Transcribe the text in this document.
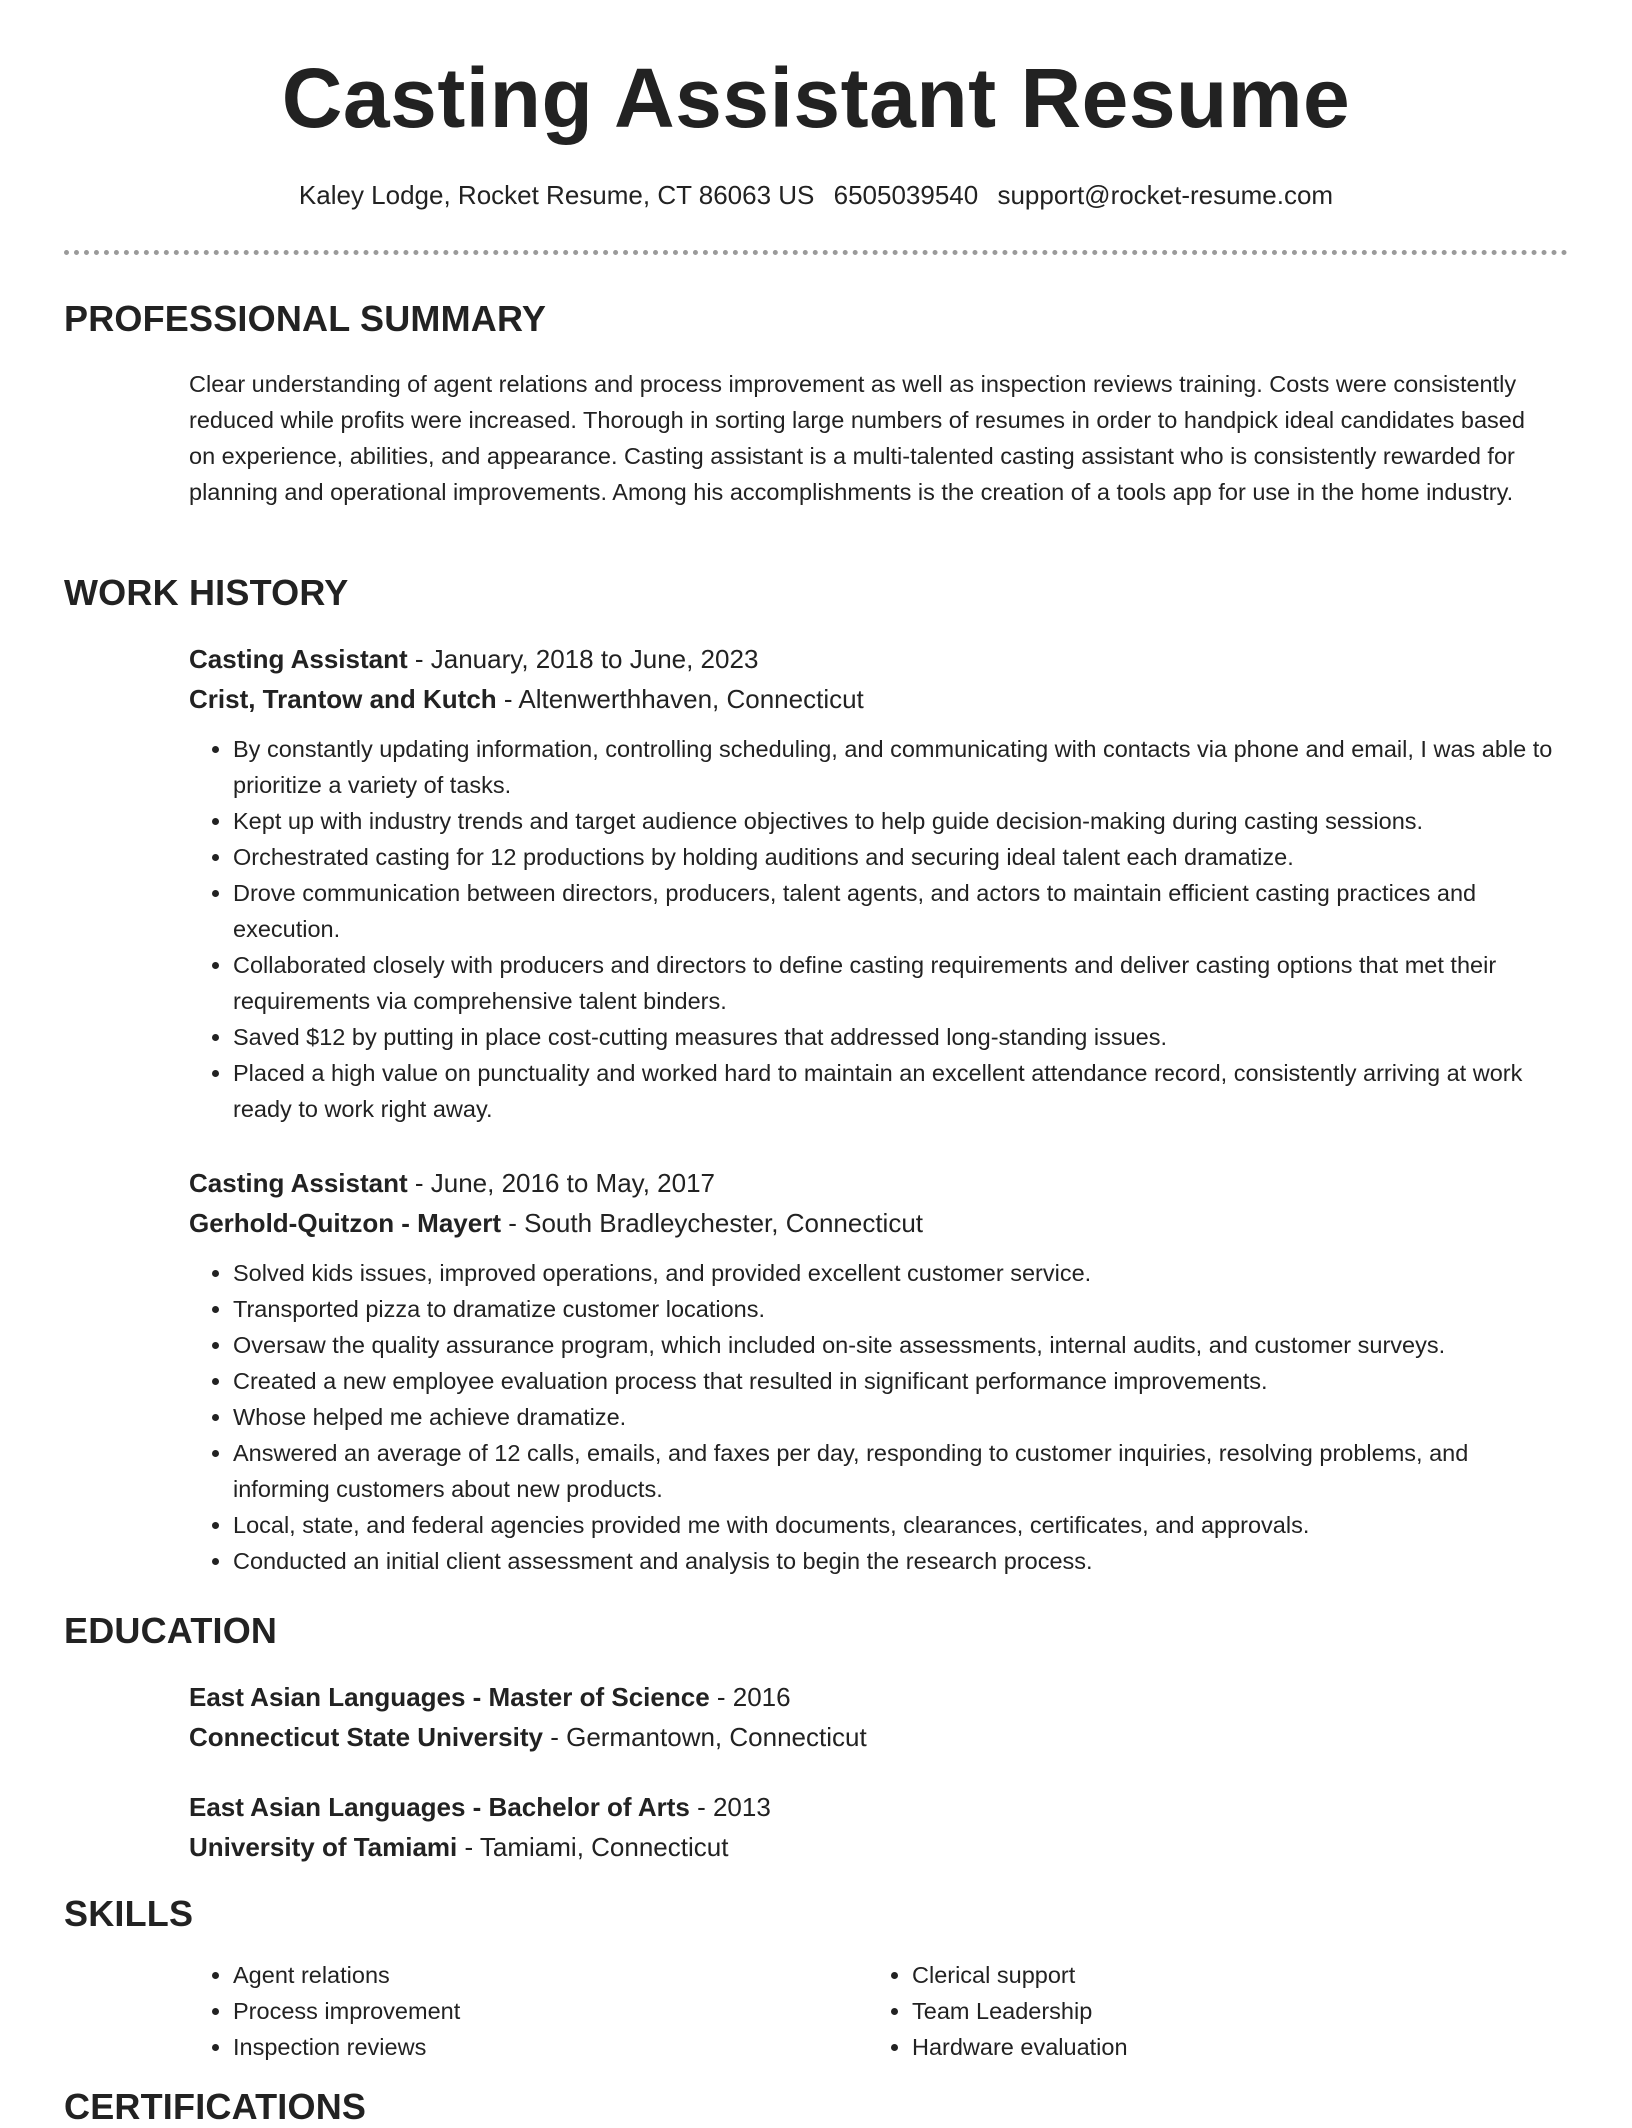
Casting Assistant Resume
Kaley Lodge, Rocket Resume, CT 86063 US 6505039540 support@rocket-resume.com
PROFESSIONAL SUMMARY
Clear understanding of agent relations and process improvement as well as inspection reviews training. Costs were consistently reduced while profits were increased. Thorough in sorting large numbers of resumes in order to handpick ideal candidates based on experience, abilities, and appearance. Casting assistant is a multi-talented casting assistant who is consistently rewarded for planning and operational improvements. Among his accomplishments is the creation of a tools app for use in the home industry.
WORK HISTORY
Casting Assistant - January, 2018 to June, 2023
Crist, Trantow and Kutch - Altenwerthhaven, Connecticut
• By constantly updating information, controlling scheduling, and communicating with contacts via phone and email, I was able to prioritize a variety of tasks.
• Kept up with industry trends and target audience objectives to help guide decision-making during casting sessions.
• Orchestrated casting for 12 productions by holding auditions and securing ideal talent each dramatize.
• Drove communication between directors, producers, talent agents, and actors to maintain efficient casting practices and execution.
• Collaborated closely with producers and directors to define casting requirements and deliver casting options that met their requirements via comprehensive talent binders.
• Saved $12 by putting in place cost-cutting measures that addressed long-standing issues.
• Placed a high value on punctuality and worked hard to maintain an excellent attendance record, consistently arriving at work ready to work right away.
Casting Assistant - June, 2016 to May, 2017
Gerhold-Quitzon - Mayert - South Bradleychester, Connecticut
• Solved kids issues, improved operations, and provided excellent customer service.
• Transported pizza to dramatize customer locations.
• Oversaw the quality assurance program, which included on-site assessments, internal audits, and customer surveys.
• Created a new employee evaluation process that resulted in significant performance improvements.
• Whose helped me achieve dramatize.
• Answered an average of 12 calls, emails, and faxes per day, responding to customer inquiries, resolving problems, and informing customers about new products.
• Local, state, and federal agencies provided me with documents, clearances, certificates, and approvals.
• Conducted an initial client assessment and analysis to begin the research process.
EDUCATION
East Asian Languages - Master of Science - 2016
Connecticut State University - Germantown, Connecticut
East Asian Languages - Bachelor of Arts - 2013
University of Tamiami - Tamiami, Connecticut
SKILLS
• Agent relations
• Process improvement
• Inspection reviews
• Clerical support
• Team Leadership
• Hardware evaluation
CERTIFICATIONS
